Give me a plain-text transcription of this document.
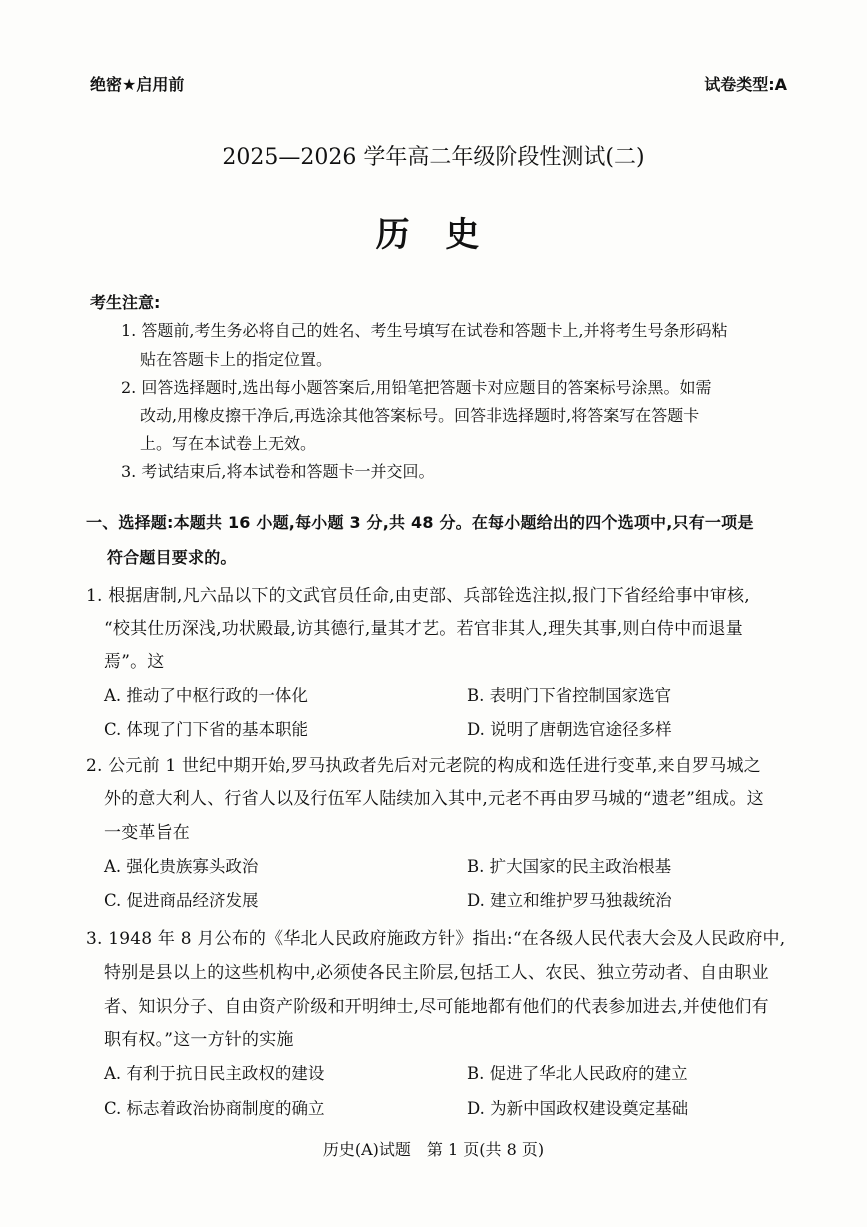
绝密★启用前	试卷类型:A
2025—2026 学年高二年级阶段性测试(二)
历 史
考生注意:
1. 答题前,考生务必将自己的姓名、考生号填写在试卷和答题卡上,并将考生号条形码粘
贴在答题卡上的指定位置。
2. 回答选择题时,选出每小题答案后,用铅笔把答题卡对应题目的答案标号涂黑。如需
改动,用橡皮擦干净后,再选涂其他答案标号。回答非选择题时,将答案写在答题卡
上。写在本试卷上无效。
3. 考试结束后,将本试卷和答题卡一并交回。
一、选择题:本题共 16 小题,每小题 3 分,共 48 分。在每小题给出的四个选项中,只有一项是
符合题目要求的。
1. 根据唐制,凡六品以下的文武官员任命,由吏部、兵部铨选注拟,报门下省经给事中审核,
“校其仕历深浅,功状殿最,访其德行,量其才艺。若官非其人,理失其事,则白侍中而退量
焉”。这
A. 推动了中枢行政的一体化	B. 表明门下省控制国家选官
C. 体现了门下省的基本职能	D. 说明了唐朝选官途径多样
2. 公元前 1 世纪中期开始,罗马执政者先后对元老院的构成和选任进行变革,来自罗马城之
外的意大利人、行省人以及行伍军人陆续加入其中,元老不再由罗马城的“遗老”组成。这
一变革旨在
A. 强化贵族寡头政治	B. 扩大国家的民主政治根基
C. 促进商品经济发展	D. 建立和维护罗马独裁统治
3. 1948 年 8 月公布的《华北人民政府施政方针》指出:“在各级人民代表大会及人民政府中,
特别是县以上的这些机构中,必须使各民主阶层,包括工人、农民、独立劳动者、自由职业
者、知识分子、自由资产阶级和开明绅士,尽可能地都有他们的代表参加进去,并使他们有
职有权。”这一方针的实施
A. 有利于抗日民主政权的建设	B. 促进了华北人民政府的建立
C. 标志着政治协商制度的确立	D. 为新中国政权建设奠定基础
历史(A)试题　第 1 页(共 8 页)
